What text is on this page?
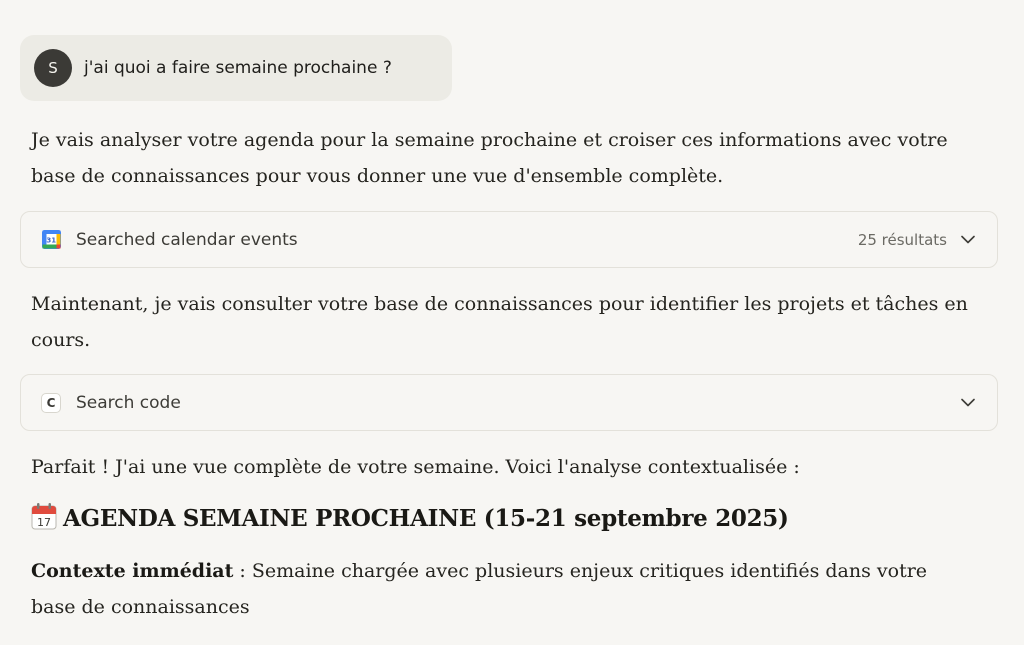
S	j'ai quoi a faire semaine prochaine ?

Je vais analyser votre agenda pour la semaine prochaine et croiser ces informations avec votre base de connaissances pour vous donner une vue d'ensemble complète.

31 Searched calendar events	25 résultats

Maintenant, je vais consulter votre base de connaissances pour identifier les projets et tâches en cours.

C	Search code

Parfait ! J'ai une vue complète de votre semaine. Voici l'analyse contextualisée :

17 AGENDA SEMAINE PROCHAINE (15-21 septembre 2025)

Contexte immédiat : Semaine chargée avec plusieurs enjeux critiques identifiés dans votre base de connaissances
